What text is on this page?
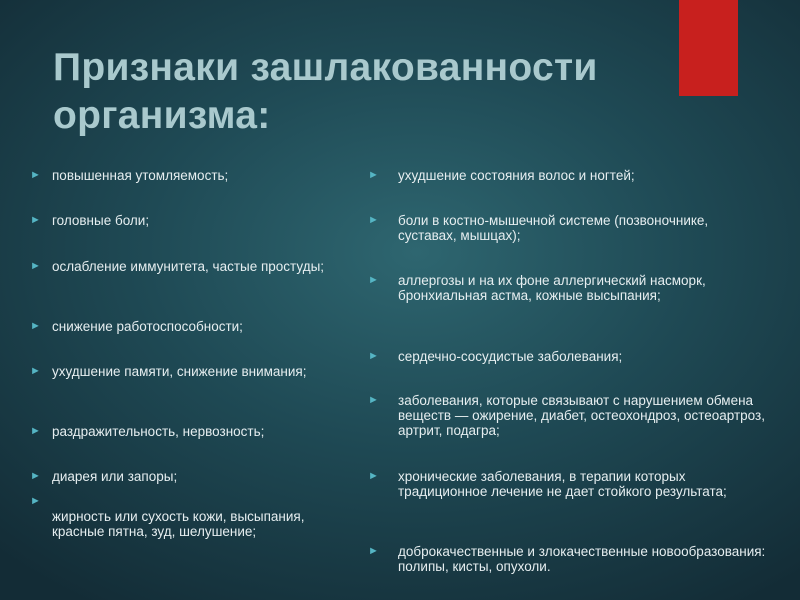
Признаки зашлакованности организма:
► повышенная утомляемость;
► головные боли;
► ослабление иммунитета, частые простуды;
► снижение работоспособности;
► ухудшение памяти, снижение внимания;
► раздражительность, нервозность;
► диарея или запоры;
►
жирность или сухость кожи, высыпания, красные пятна, зуд, шелушение;
►	ухудшение состояния волос и ногтей;
►	боли в костно-мышечной системе (позвоночнике, суставах, мышцах);
►	аллергозы и на их фоне аллергический насморк, бронхиальная астма, кожные высыпания;
►	сердечно-сосудистые заболевания;
►	заболевания, которые связывают с нарушением обмена веществ — ожирение, диабет, остеохондроз, остеоартроз, артрит, подагра;
►	хронические заболевания, в терапии которых традиционное лечение не дает стойкого результата;
►	доброкачественные и злокачественные новообразования: полипы, кисты, опухоли.
